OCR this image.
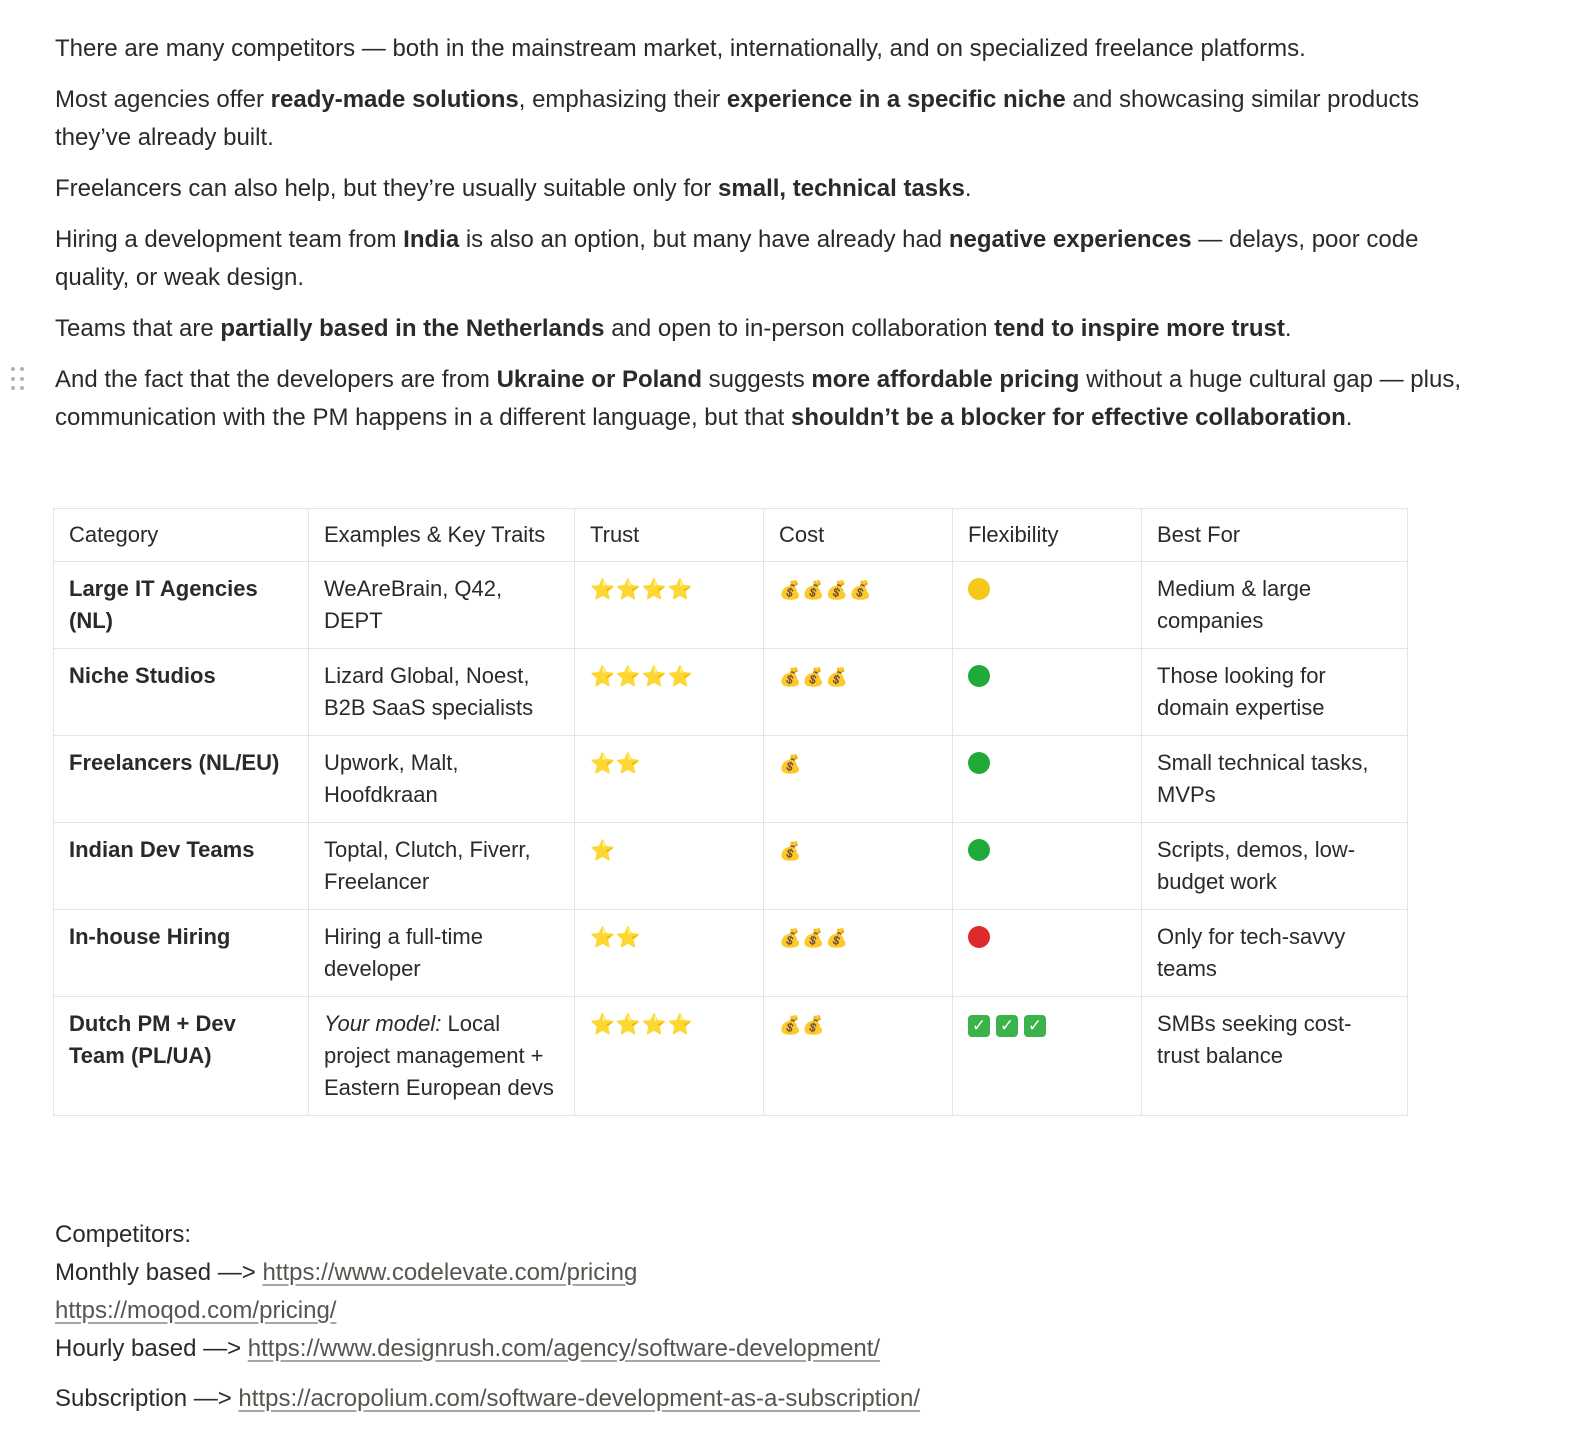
There are many competitors — both in the mainstream market, internationally, and on specialized freelance platforms.

Most agencies offer ready-made solutions, emphasizing their experience in a specific niche and showcasing similar products they’ve already built.

Freelancers can also help, but they’re usually suitable only for small, technical tasks.

Hiring a development team from India is also an option, but many have already had negative experiences — delays, poor code quality, or weak design.

Teams that are partially based in the Netherlands and open to in-person collaboration tend to inspire more trust.

And the fact that the developers are from Ukraine or Poland suggests more affordable pricing without a huge cultural gap — plus, communication with the PM happens in a different language, but that shouldn’t be a blocker for effective collaboration.

Category	Examples & Key Traits	Trust	Cost	Flexibility	Best For
Large IT Agencies (NL)	WeAreBrain, Q42, DEPT	⭐⭐⭐⭐	💰💰💰💰		Medium & large companies
Niche Studios	Lizard Global, Noest, B2B SaaS specialists	⭐⭐⭐⭐	💰💰💰		Those looking for domain expertise
Freelancers (NL/EU)	Upwork, Malt, Hoofdkraan	⭐⭐	💰		Small technical tasks, MVPs
Indian Dev Teams	Toptal, Clutch, Fiverr, Freelancer	⭐	💰		Scripts, demos, low-budget work
In-house Hiring	Hiring a full-time developer	⭐⭐	💰💰💰		Only for tech-savvy teams
Dutch PM + Dev Team (PL/UA)	Your model: Local project management + Eastern European devs	⭐⭐⭐⭐	💰💰	✓ ✓ ✓	SMBs seeking cost-trust balance
Competitors:
Monthly based —> https://www.codelevate.com/pricing
https://moqod.com/pricing/
Hourly based —> https://www.designrush.com/agency/software-development/
Subscription —> https://acropolium.com/software-development-as-a-subscription/
